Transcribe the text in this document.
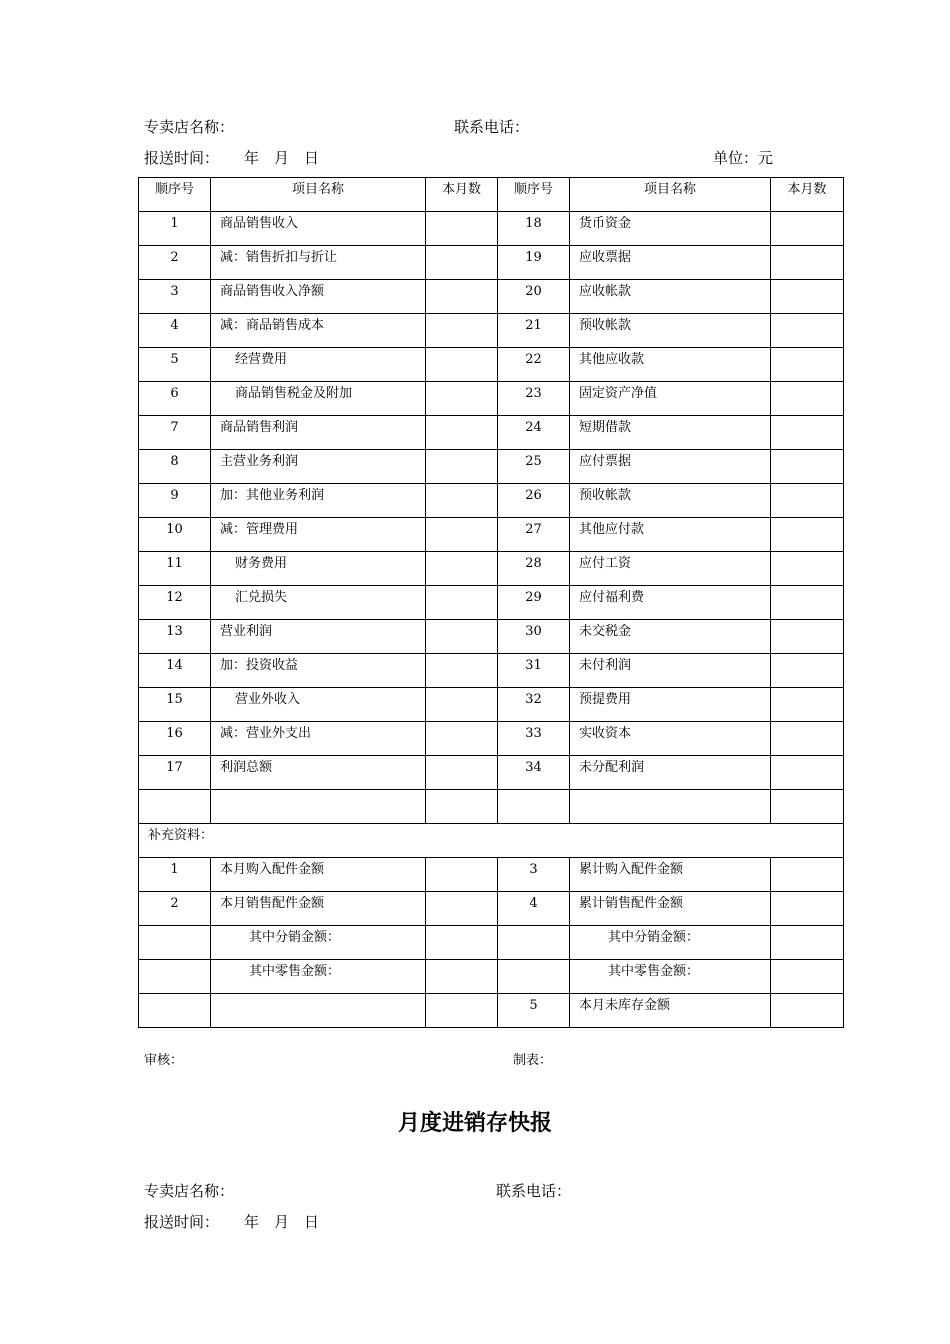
专卖店名称：	联系电话：
报送时间： 年　月　日	单位：元
顺序号	项目名称	本月数	顺序号	项目名称	本月数
1	商品销售收入		18	货币资金	
2	减：销售折扣与折让		19	应收票据	
3	商品销售收入净额		20	应收帐款	
4	减：商品销售成本		21	预收帐款	
5	经营费用		22	其他应收款	
6	商品销售税金及附加		23	固定资产净值	
7	商品销售利润		24	短期借款	
8	主营业务利润		25	应付票据	
9	加：其他业务利润		26	预收帐款	
10	减：管理费用		27	其他应付款	
11	财务费用		28	应付工资	
12	汇兑损失		29	应付福利费	
13	营业利润		30	未交税金	
14	加：投资收益		31	未付利润	
15	营业外收入		32	预提费用	
16	减：营业外支出		33	实收资本	
17	利润总额		34	未分配利润	

补充资料：					
1	本月购入配件金额		3	累计购入配件金额	
2	本月销售配件金额		4	累计销售配件金额	
	其中分销金额：			其中分销金额：	
	其中零售金额：			其中零售金额：	
			5	本月未库存金额	
审核：	制表：
月度进销存快报
专卖店名称：	联系电话：
报送时间： 年　月　日
